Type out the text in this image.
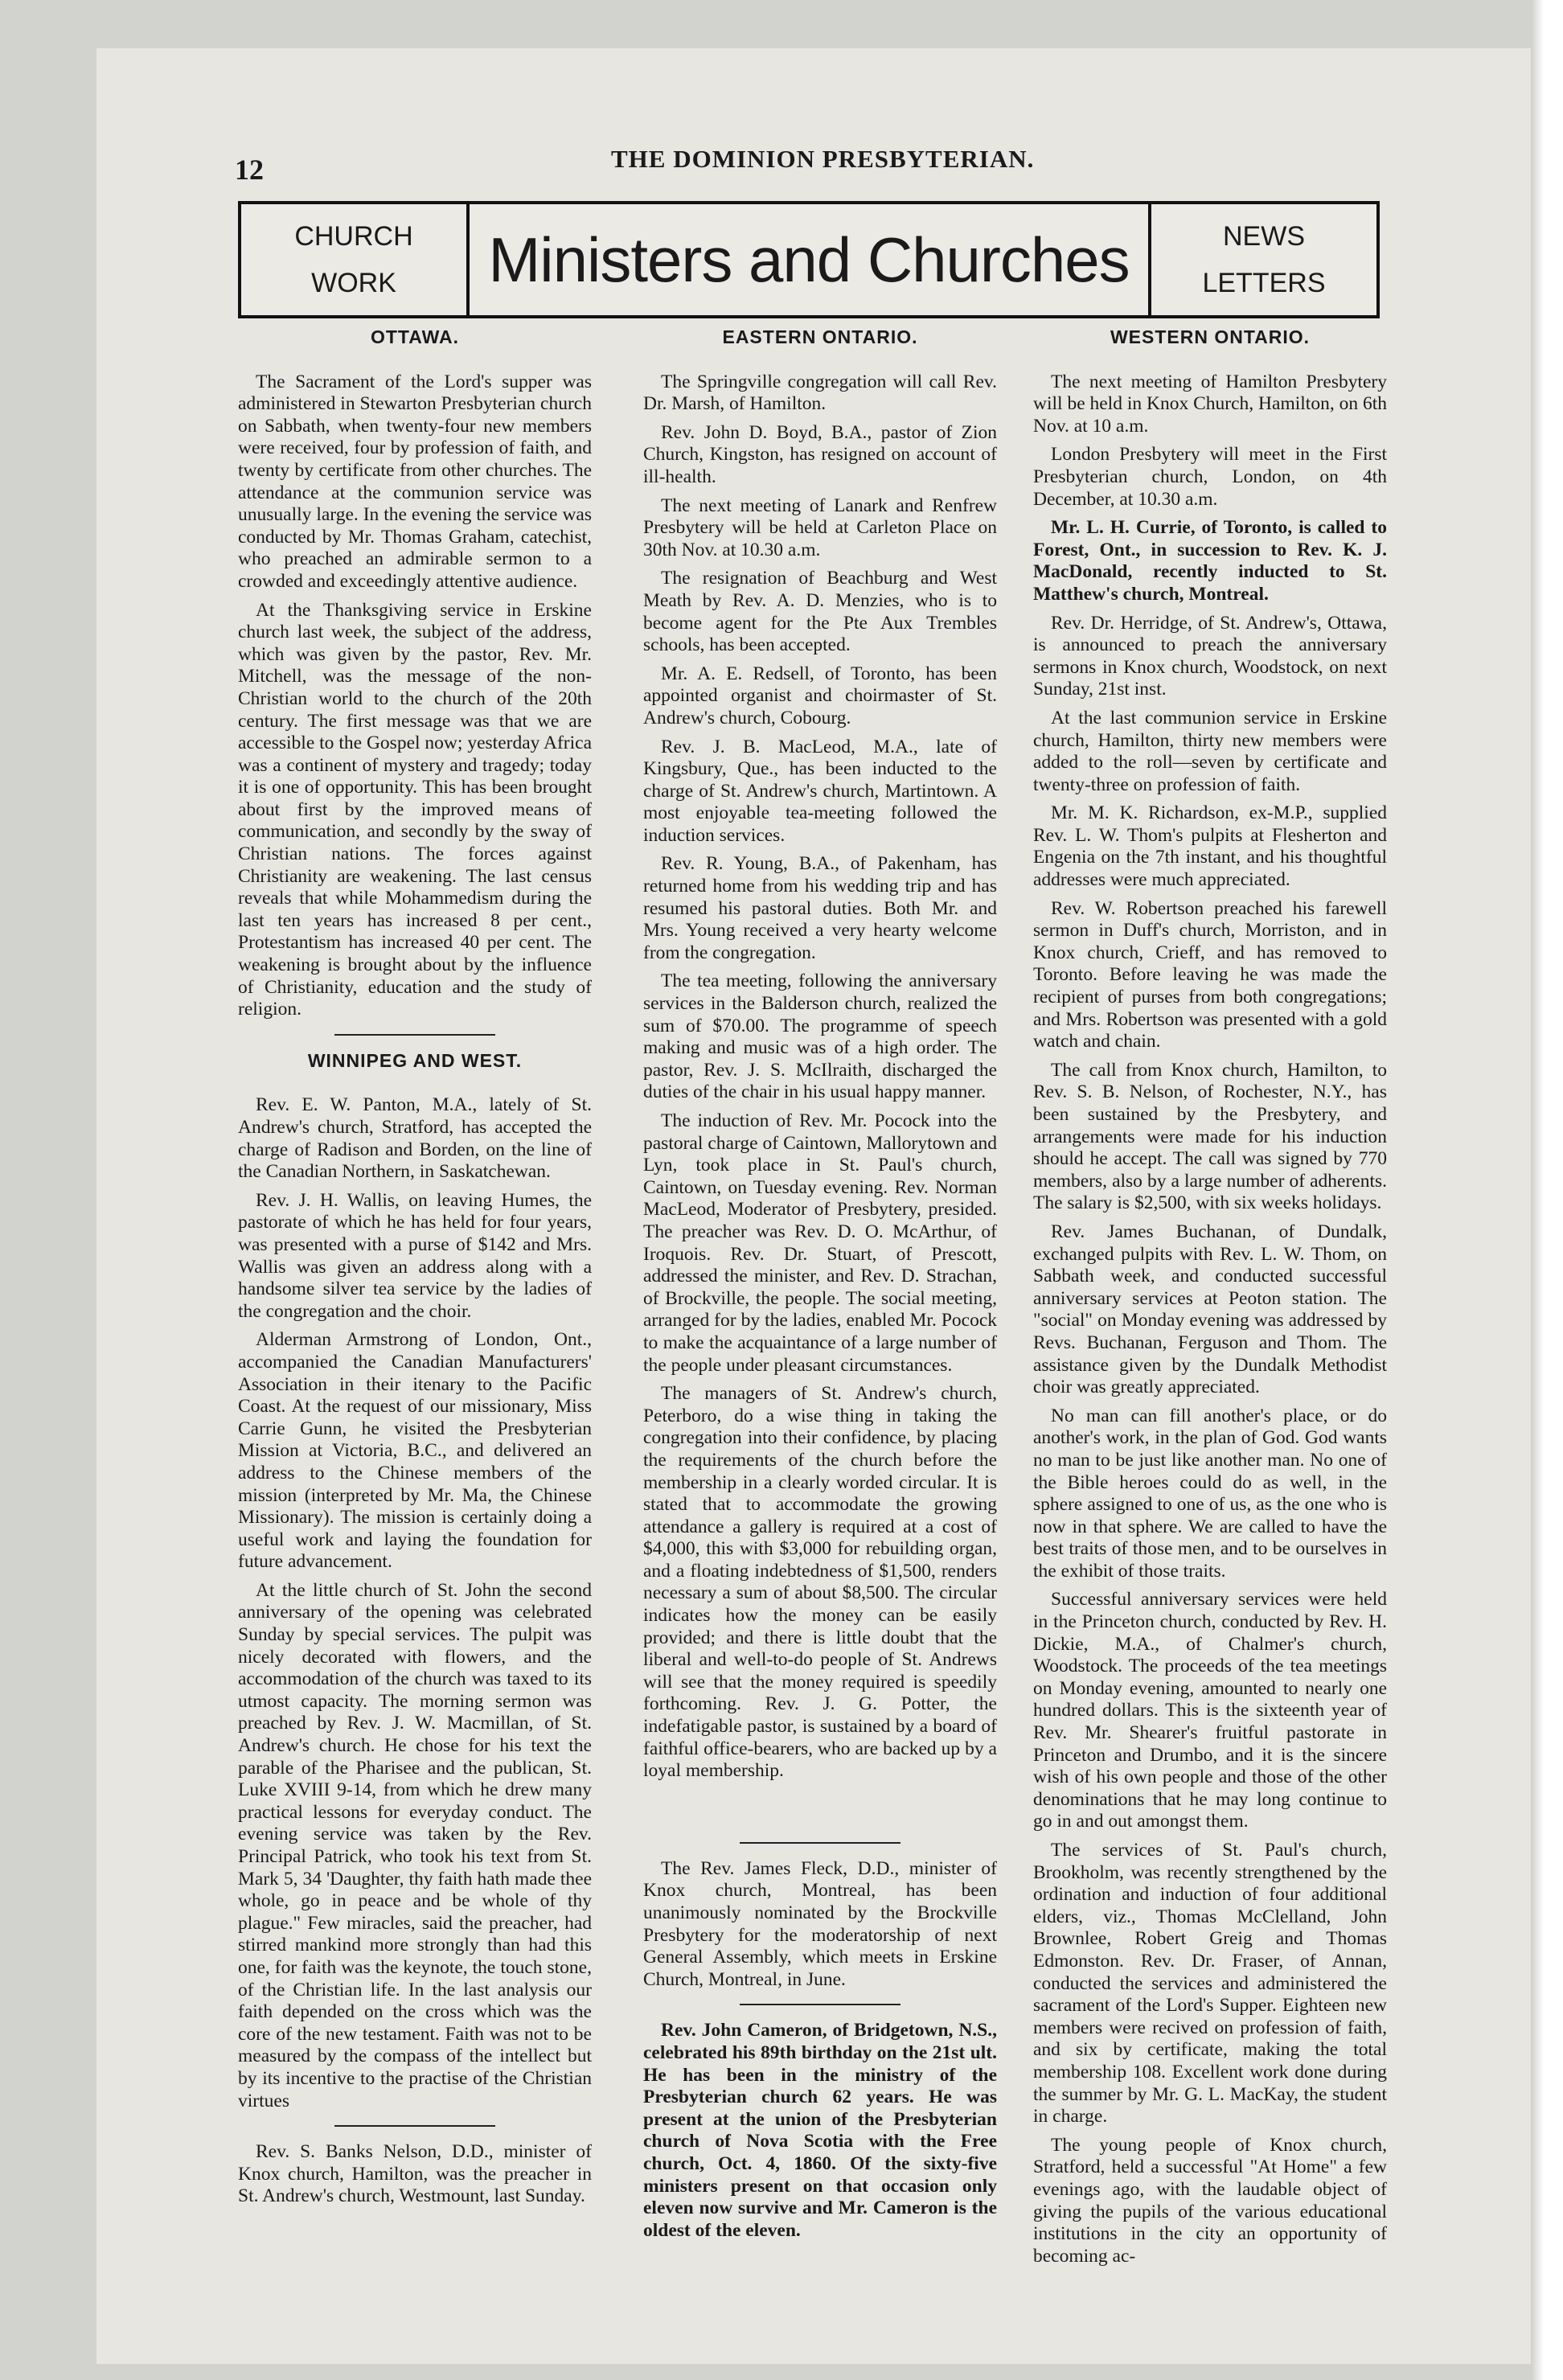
12	THE DOMINION PRESBYTERIAN.
CHURCH
WORK Ministers and Churches	NEWS
LETTERS
OTTAWA.

The Sacrament of the Lord's supper was administered in Stewarton Presbyterian church on Sabbath, when twenty-four new members were received, four by profession of faith, and twenty by certificate from other churches. The attendance at the communion service was unusually large. In the evening the service was conducted by Mr. Thomas Graham, catechist, who preached an admirable sermon to a crowded and exceedingly attentive audience.

At the Thanksgiving service in Erskine church last week, the subject of the address, which was given by the pastor, Rev. Mr. Mitchell, was the message of the non-Christian world to the church of the 20th century. The first message was that we are accessible to the Gospel now; yesterday Africa was a continent of mystery and tragedy; today it is one of opportunity. This has been brought about first by the improved means of communication, and secondly by the sway of Christian nations. The forces against Christianity are weakening. The last census reveals that while Mohammedism during the last ten years has increased 8 per cent., Protestantism has increased 40 per cent. The weakening is brought about by the influence of Christianity, education and the study of religion.

WINNIPEG AND WEST.

Rev. E. W. Panton, M.A., lately of St. Andrew's church, Stratford, has accepted the charge of Radison and Borden, on the line of the Canadian Northern, in Saskatchewan.

Rev. J. H. Wallis, on leaving Humes, the pastorate of which he has held for four years, was presented with a purse of $142 and Mrs. Wallis was given an address along with a handsome silver tea service by the ladies of the congregation and the choir.

Alderman Armstrong of London, Ont., accompanied the Canadian Manufacturers' Association in their itenary to the Pacific Coast. At the request of our missionary, Miss Carrie Gunn, he visited the Presbyterian Mission at Victoria, B.C., and delivered an address to the Chinese members of the mission (interpreted by Mr. Ma, the Chinese Missionary). The mission is certainly doing a useful work and laying the foundation for future advancement.

At the little church of St. John the second anniversary of the opening was celebrated Sunday by special services. The pulpit was nicely decorated with flowers, and the accommodation of the church was taxed to its utmost capacity. The morning sermon was preached by Rev. J. W. Macmillan, of St. Andrew's church. He chose for his text the parable of the Pharisee and the publican, St. Luke XVIII 9-14, from which he drew many practical lessons for everyday conduct. The evening service was taken by the Rev. Principal Patrick, who took his text from St. Mark 5, 34 'Daughter, thy faith hath made thee whole, go in peace and be whole of thy plague." Few miracles, said the preacher, had stirred mankind more strongly than had this one, for faith was the keynote, the touch stone, of the Christian life. In the last analysis our faith depended on the cross which was the core of the new testament. Faith was not to be measured by the compass of the intellect but by its incentive to the practise of the Christian virtues

Rev. S. Banks Nelson, D.D., minister of Knox church, Hamilton, was the preacher in St. Andrew's church, Westmount, last Sunday.

EASTERN ONTARIO.

The Springville congregation will call Rev. Dr. Marsh, of Hamilton.

Rev. John D. Boyd, B.A., pastor of Zion Church, Kingston, has resigned on account of ill-health.

The next meeting of Lanark and Renfrew Presbytery will be held at Carleton Place on 30th Nov. at 10.30 a.m.

The resignation of Beachburg and West Meath by Rev. A. D. Menzies, who is to become agent for the Pte Aux Trembles schools, has been accepted.

Mr. A. E. Redsell, of Toronto, has been appointed organist and choirmaster of St. Andrew's church, Cobourg.

Rev. J. B. MacLeod, M.A., late of Kingsbury, Que., has been inducted to the charge of St. Andrew's church, Martintown. A most enjoyable tea-meeting followed the induction services.

Rev. R. Young, B.A., of Pakenham, has returned home from his wedding trip and has resumed his pastoral duties. Both Mr. and Mrs. Young received a very hearty welcome from the congregation.

The tea meeting, following the anniversary services in the Balderson church, realized the sum of $70.00. The programme of speech making and music was of a high order. The pastor, Rev. J. S. McIlraith, discharged the duties of the chair in his usual happy manner.

The induction of Rev. Mr. Pocock into the pastoral charge of Caintown, Mallorytown and Lyn, took place in St. Paul's church, Caintown, on Tuesday evening. Rev. Norman MacLeod, Moderator of Presbytery, presided. The preacher was Rev. D. O. McArthur, of Iroquois. Rev. Dr. Stuart, of Prescott, addressed the minister, and Rev. D. Strachan, of Brockville, the people. The social meeting, arranged for by the ladies, enabled Mr. Pocock to make the acquaintance of a large number of the people under pleasant circumstances.

The managers of St. Andrew's church, Peterboro, do a wise thing in taking the congregation into their confidence, by placing the requirements of the church before the membership in a clearly worded circular. It is stated that to accommodate the growing attendance a gallery is required at a cost of $4,000, this with $3,000 for rebuilding organ, and a floating indebtedness of $1,500, renders necessary a sum of about $8,500. The circular indicates how the money can be easily provided; and there is little doubt that the liberal and well-to-do people of St. Andrews will see that the money required is speedily forthcoming. Rev. J. G. Potter, the indefatigable pastor, is sustained by a board of faithful office-bearers, who are backed up by a loyal membership.

The Rev. James Fleck, D.D., minister of Knox church, Montreal, has been unanimously nominated by the Brockville Presbytery for the moderatorship of next General Assembly, which meets in Erskine Church, Montreal, in June.

Rev. John Cameron, of Bridgetown, N.S., celebrated his 89th birthday on the 21st ult. He has been in the ministry of the Presbyterian church 62 years. He was present at the union of the Presbyterian church of Nova Scotia with the Free church, Oct. 4, 1860. Of the sixty-five ministers present on that occasion only eleven now survive and Mr. Cameron is the oldest of the eleven.

WESTERN ONTARIO.

The next meeting of Hamilton Presbytery will be held in Knox Church, Hamilton, on 6th Nov. at 10 a.m.

London Presbytery will meet in the First Presbyterian church, London, on 4th December, at 10.30 a.m.

Mr. L. H. Currie, of Toronto, is called to Forest, Ont., in succession to Rev. K. J. MacDonald, recently inducted to St. Matthew's church, Montreal.

Rev. Dr. Herridge, of St. Andrew's, Ottawa, is announced to preach the anniversary sermons in Knox church, Woodstock, on next Sunday, 21st inst.

At the last communion service in Erskine church, Hamilton, thirty new members were added to the roll—seven by certificate and twenty-three on profession of faith.

Mr. M. K. Richardson, ex-M.P., supplied Rev. L. W. Thom's pulpits at Flesherton and Engenia on the 7th instant, and his thoughtful addresses were much appreciated.

Rev. W. Robertson preached his farewell sermon in Duff's church, Morriston, and in Knox church, Crieff, and has removed to Toronto. Before leaving he was made the recipient of purses from both congregations; and Mrs. Robertson was presented with a gold watch and chain.

The call from Knox church, Hamilton, to Rev. S. B. Nelson, of Rochester, N.Y., has been sustained by the Presbytery, and arrangements were made for his induction should he accept. The call was signed by 770 members, also by a large number of adherents. The salary is $2,500, with six weeks holidays.

Rev. James Buchanan, of Dundalk, exchanged pulpits with Rev. L. W. Thom, on Sabbath week, and conducted successful anniversary services at Peoton station. The "social" on Monday evening was addressed by Revs. Buchanan, Ferguson and Thom. The assistance given by the Dundalk Methodist choir was greatly appreciated.

No man can fill another's place, or do another's work, in the plan of God. God wants no man to be just like another man. No one of the Bible heroes could do as well, in the sphere assigned to one of us, as the one who is now in that sphere. We are called to have the best traits of those men, and to be ourselves in the exhibit of those traits.

Successful anniversary services were held in the Princeton church, conducted by Rev. H. Dickie, M.A., of Chalmer's church, Woodstock. The proceeds of the tea meetings on Monday evening, amounted to nearly one hundred dollars. This is the sixteenth year of Rev. Mr. Shearer's fruitful pastorate in Princeton and Drumbo, and it is the sincere wish of his own people and those of the other denominations that he may long continue to go in and out amongst them.

The services of St. Paul's church, Brookholm, was recently strengthened by the ordination and induction of four additional elders, viz., Thomas McClelland, John Brownlee, Robert Greig and Thomas Edmonston. Rev. Dr. Fraser, of Annan, conducted the services and administered the sacrament of the Lord's Supper. Eighteen new members were recived on profession of faith, and six by certificate, making the total membership 108. Excellent work done during the summer by Mr. G. L. MacKay, the student in charge.

The young people of Knox church, Stratford, held a successful "At Home" a few evenings ago, with the laudable object of giving the pupils of the various educational institutions in the city an opportunity of becoming ac-
